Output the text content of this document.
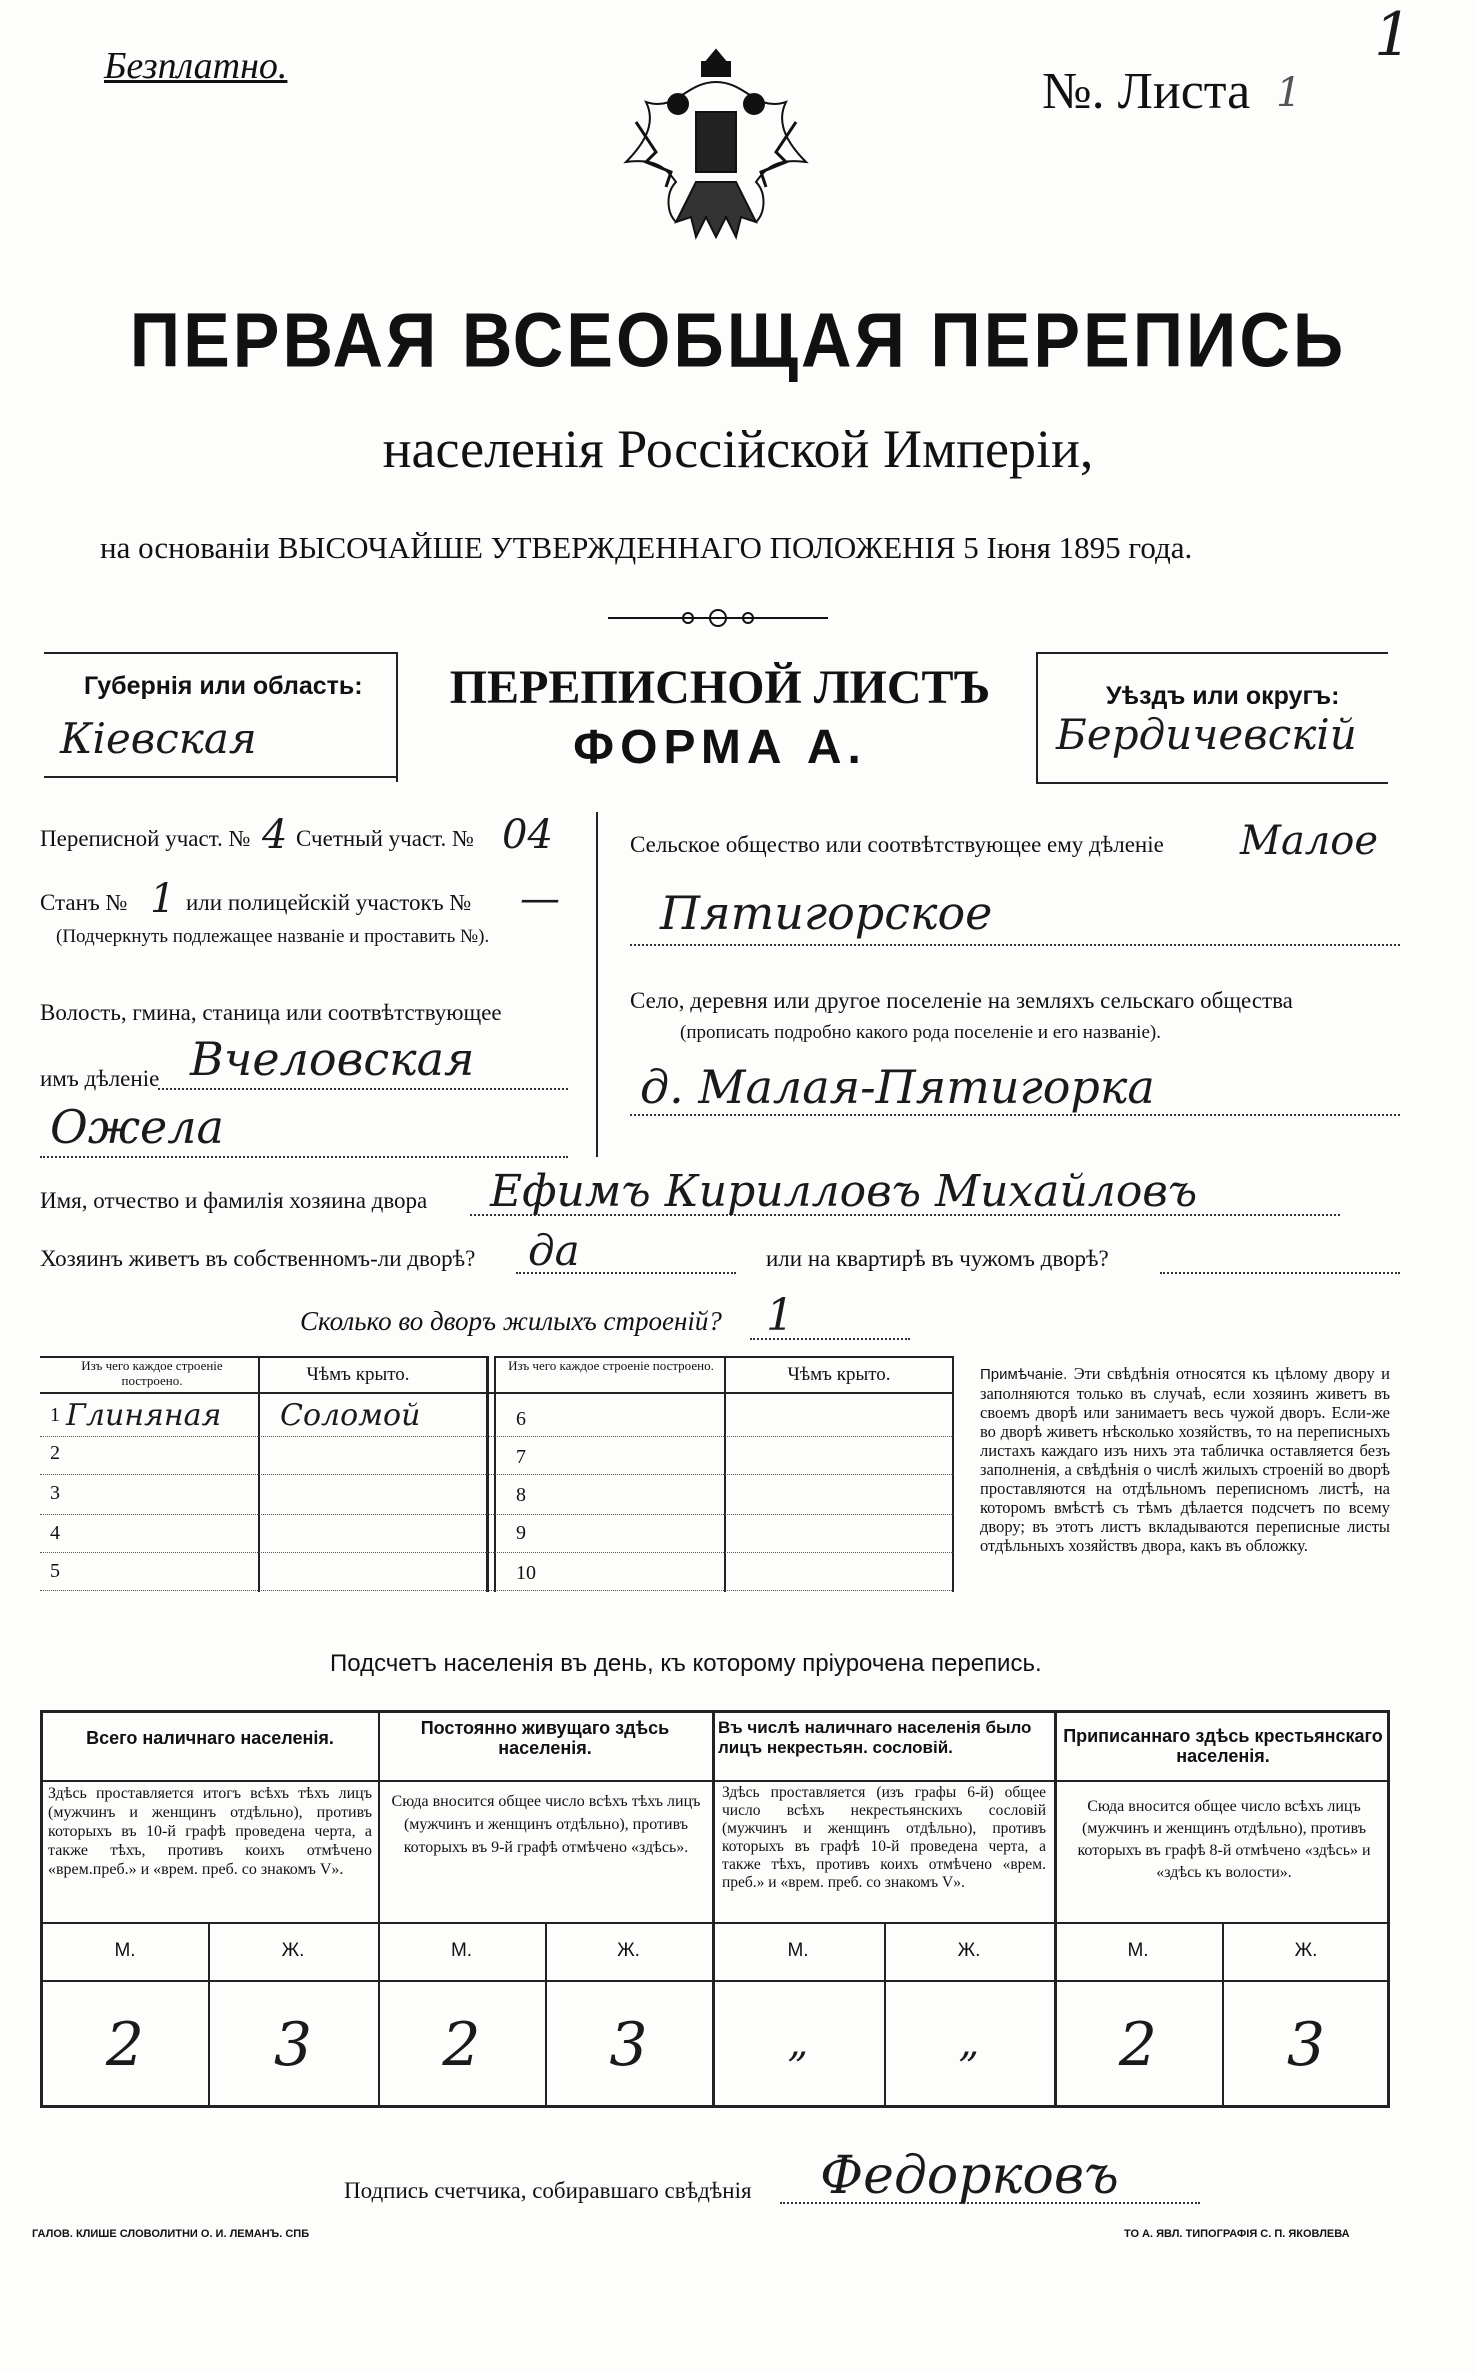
Безплатно.	№. Листа 1
1
ПЕРВАЯ ВСЕОБЩАЯ ПЕРЕПИСЬ
населенія Россійской Имперіи,
на основаніи ВЫСОЧАЙШЕ УТВЕРЖДЕННАГО ПОЛОЖЕНІЯ 5 Іюня 1895 года.
Губернія или область:
Кіевская
ПЕРЕПИСНОЙ ЛИСТЪ
ФОРМА А.
Уѣздъ или округъ:
Бердичевскій
Переписной участ. № 4 Счетный участ. № 04
Станъ № 1 или полицейскій участокъ № —
(Подчеркнуть подлежащее названіе и проставить №).
Волость, гмина, станица или соотвѣтствующее
имъ дѣленіе Вчеловская
Ожела
Сельское общество или соотвѣтствующее ему дѣленіе Малое
Пятигорское
Село, деревня или другое поселеніе на земляхъ сельскаго общества
(прописать подробно какого рода поселеніе и его названіе).
д. Малая-Пятигорка
Имя, отчество и фамилія хозяина двора Ефимъ Кирилловъ Михайловъ
Хозяинъ живетъ въ собственномъ-ли дворѣ? да	или на квартирѣ въ чужомъ дворѣ?
Сколько во дворъ жилыхъ строеній? 1
Изъ чего каждое строеніе построено.	Чѣмъ крыто.	Изъ чего каждое строеніе построено.	Чѣмъ крыто.
1 Глиняная Соломой
2
3
4
5
6
7
8
9
10
Примѣчаніе. Эти свѣдѣнія относятся къ цѣлому двору и заполняются только въ случаѣ, если хозяинъ живетъ въ своемъ дворѣ или занимаетъ весь чужой дворъ. Если-же во дворѣ живетъ нѣсколько хозяйствъ, то на переписныхъ листахъ каждаго изъ нихъ эта табличка оставляется безъ заполненія, а свѣдѣнія о числѣ жилыхъ строеній во дворѣ проставляются на отдѣльномъ переписномъ листѣ, на которомъ вмѣстѣ съ тѣмъ дѣлается подсчетъ по всему двору; въ этотъ листъ вкладываются переписные листы отдѣльныхъ хозяйствъ двора, какъ въ обложку.
Подсчетъ населенія въ день, къ которому пріурочена перепись.
Всего наличнаго населенія.
Здѣсь проставляется итогъ всѣхъ тѣхъ лицъ (мужчинъ и женщинъ отдѣльно), противъ которыхъ въ 10-й графѣ проведена черта, а также тѣхъ, противъ коихъ отмѣчено «врем.преб.» и «врем. преб. со знакомъ V».
Постоянно живущаго здѣсь населенія.
Сюда вносится общее число всѣхъ тѣхъ лицъ (мужчинъ и женщинъ отдѣльно), противъ которыхъ въ 9-й графѣ отмѣчено «здѣсь».
Въ числѣ наличнаго населенія было лицъ некрестьян. сословій.
Здѣсь проставляется (изъ графы 6-й) общее число всѣхъ некрестьянскихъ сословій (мужчинъ и женщинъ отдѣльно), противъ которыхъ въ графѣ 10-й проведена черта, а также тѣхъ, противъ коихъ отмѣчено «врем. преб.» и «врем. преб. со знакомъ V».
Приписаннаго здѣсь крестьянскаго населенія.
Сюда вносится общее число всѣхъ лицъ (мужчинъ и женщинъ отдѣльно), противъ которыхъ въ графѣ 8-й отмѣчено «здѣсь» и «здѣсь къ волости».
М.	Ж.	М.	Ж.	М.	Ж.	М.	Ж.
2	3	2	3	„	„	2	3
Подпись счетчика, собиравшаго свѣдѣнія Федорковъ
ГАЛОВ. КЛИШЕ СЛОВОЛИТНИ О. И. ЛЕМАНЪ. СПБ	ТО А. ЯВЛ. ТИПОГРАФІЯ С. П. ЯКОВЛЕВА
